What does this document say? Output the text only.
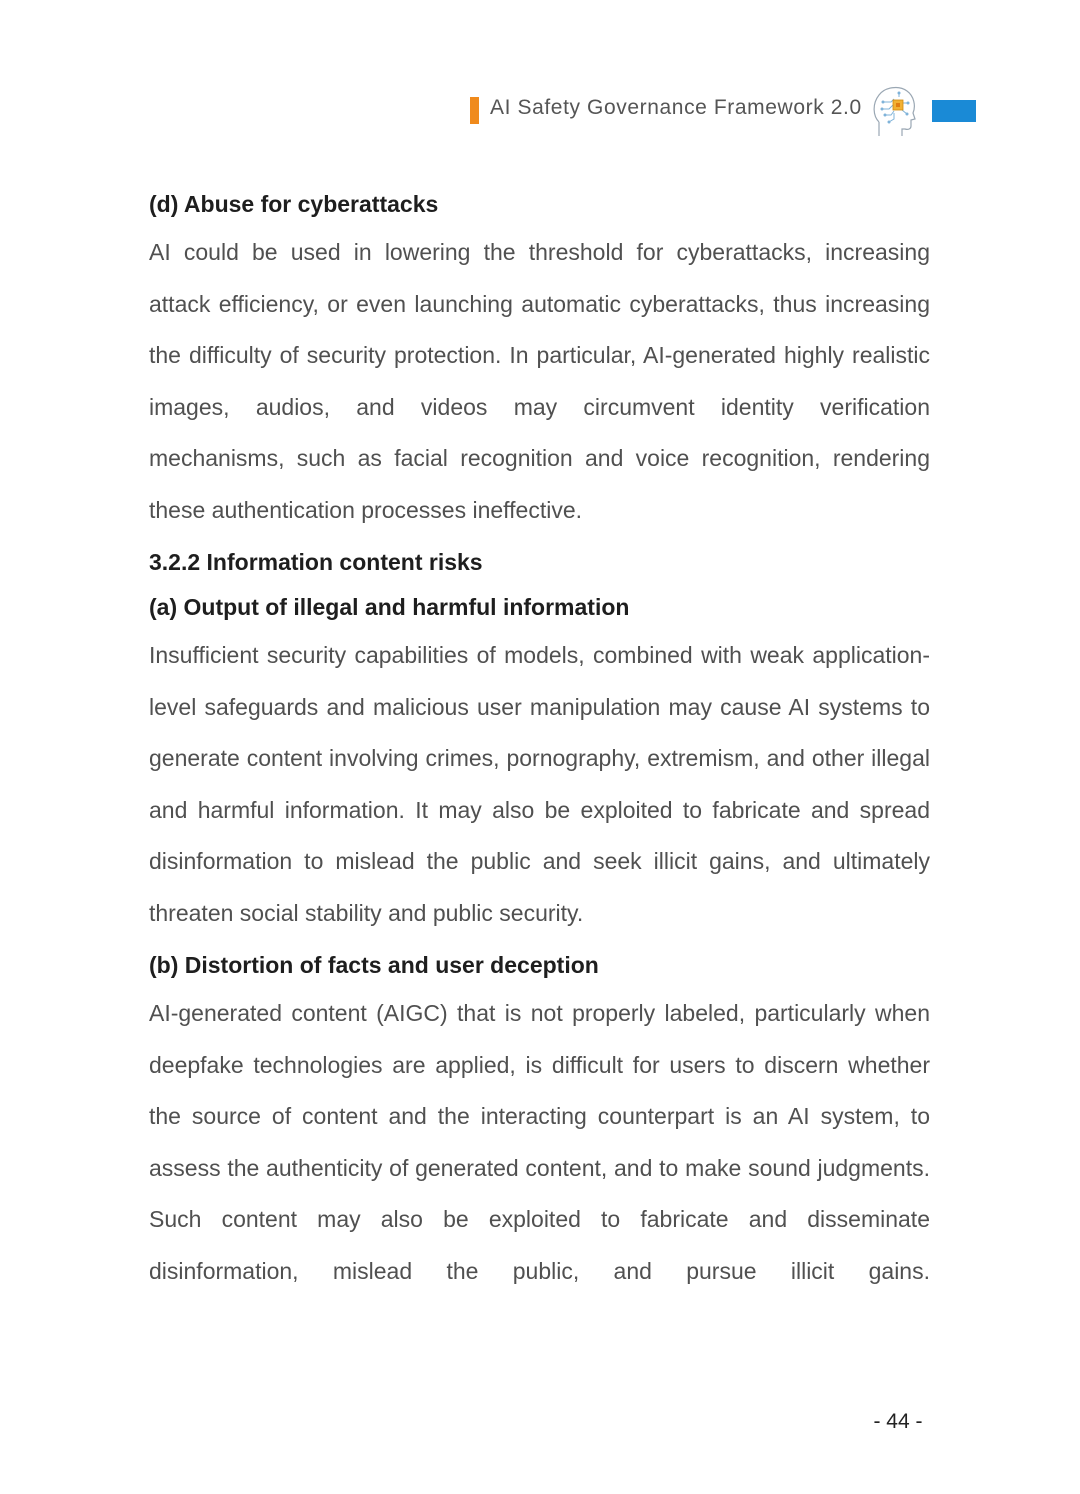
AI Safety Governance Framework 2.0
(d) Abuse for cyberattacks

AI could be used in lowering the threshold for cyberattacks, increasing attack efficiency, or even launching automatic cyberattacks, thus increasing the difficulty of security protection. In particular, AI-generated highly realistic images, audios, and videos may circumvent identity verification mechanisms, such as facial recognition and voice recognition, rendering these authentication processes ineffective.

3.2.2 Information content risks
(a) Output of illegal and harmful information

Insufficient security capabilities of models, combined with weak application-level safeguards and malicious user manipulation may cause AI systems to generate content involving crimes, pornography, extremism, and other illegal and harmful information. It may also be exploited to fabricate and spread disinformation to mislead the public and seek illicit gains, and ultimately threaten social stability and public security.

(b) Distortion of facts and user deception

AI-generated content (AIGC) that is not properly labeled, particularly when deepfake technologies are applied, is difficult for users to discern whether the source of content and the interacting counterpart is an AI system, to assess the authenticity of generated content, and to make sound judgments. Such content may also be exploited to fabricate and disseminate disinformation, mislead the public, and pursue illicit gains.

- 44 -
